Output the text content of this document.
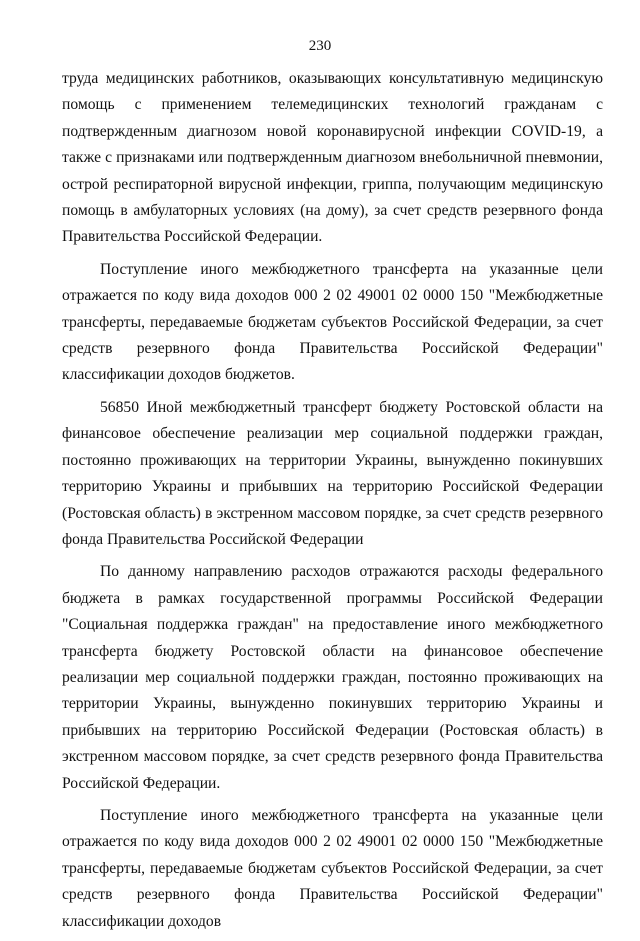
230

труда медицинских работников, оказывающих консультативную медицинскую помощь с применением телемедицинских технологий гражданам с подтвержденным диагнозом новой коронавирусной инфекции COVID-19, а также с признаками или подтвержденным диагнозом внебольничной пневмонии, острой респираторной вирусной инфекции, гриппа, получающим медицинскую помощь в амбулаторных условиях (на дому), за счет средств резервного фонда Правительства Российской Федерации.

Поступление иного межбюджетного трансферта на указанные цели отражается по коду вида доходов 000 2 02 49001 02 0000 150 "Межбюджетные трансферты, передаваемые бюджетам субъектов Российской Федерации, за счет средств резервного фонда Правительства Российской Федерации" классификации доходов бюджетов.

56850 Иной межбюджетный трансферт бюджету Ростовской области на финансовое обеспечение реализации мер социальной поддержки граждан, постоянно проживающих на территории Украины, вынужденно покинувших территорию Украины и прибывших на территорию Российской Федерации (Ростовская область) в экстренном массовом порядке, за счет средств резервного фонда Правительства Российской Федерации

По данному направлению расходов отражаются расходы федерального бюджета в рамках государственной программы Российской Федерации "Социальная поддержка граждан" на предоставление иного межбюджетного трансферта бюджету Ростовской области на финансовое обеспечение реализации мер социальной поддержки граждан, постоянно проживающих на территории Украины, вынужденно покинувших территорию Украины и прибывших на территорию Российской Федерации (Ростовская область) в экстренном массовом порядке, за счет средств резервного фонда Правительства Российской Федерации.

Поступление иного межбюджетного трансферта на указанные цели отражается по коду вида доходов 000 2 02 49001 02 0000 150 "Межбюджетные трансферты, передаваемые бюджетам субъектов Российской Федерации, за счет средств резервного фонда Правительства Российской Федерации" классификации доходов
